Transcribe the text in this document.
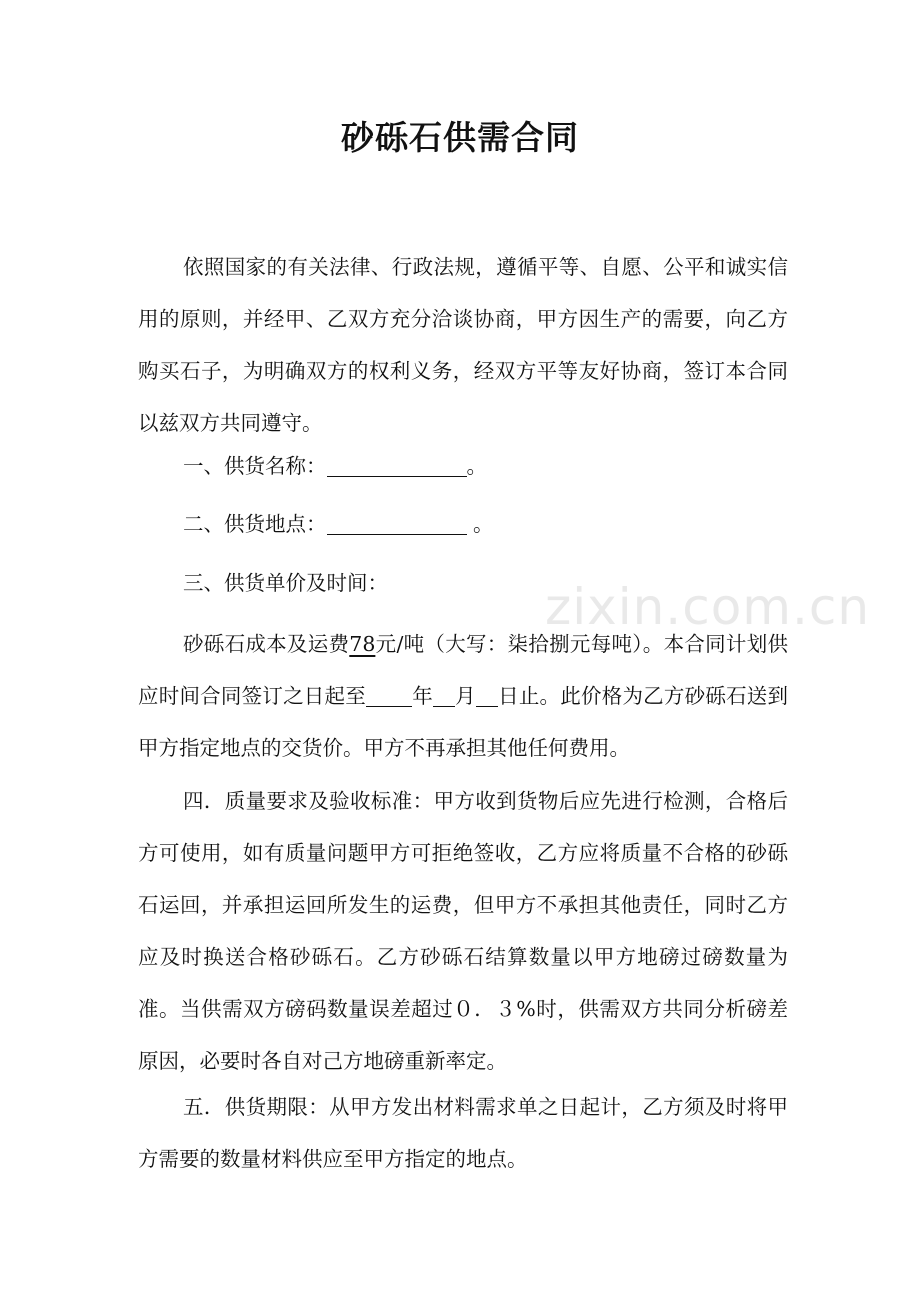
zixin.com.cn
砂砾石供需合同

依照国家的有关法律、行政法规，遵循平等、自愿、公平和诚实信用的原则，并经甲、乙双方充分洽谈协商，甲方因生产的需要，向乙方购买石子，为明确双方的权利义务，经双方平等友好协商，签订本合同以兹双方共同遵守。

一、供货名称：	。

二、供货地点：	。

三、供货单价及时间：

砂砾石成本及运费78元/吨（大写：柒拾捌元每吨）。本合同计划供应时间合同签订之日起至 年 月 日止。此价格为乙方砂砾石送到甲方指定地点的交货价。甲方不再承担其他任何费用。

四．质量要求及验收标准：甲方收到货物后应先进行检测，合格后方可使用，如有质量问题甲方可拒绝签收，乙方应将质量不合格的砂砾石运回，并承担运回所发生的运费，但甲方不承担其他责任，同时乙方应及时换送合格砂砾石。乙方砂砾石结算数量以甲方地磅过磅数量为准。当供需双方磅码数量误差超过０．３%时，供需双方共同分析磅差原因，必要时各自对己方地磅重新率定。

五．供货期限：从甲方发出材料需求单之日起计，乙方须及时将甲方需要的数量材料供应至甲方指定的地点。
